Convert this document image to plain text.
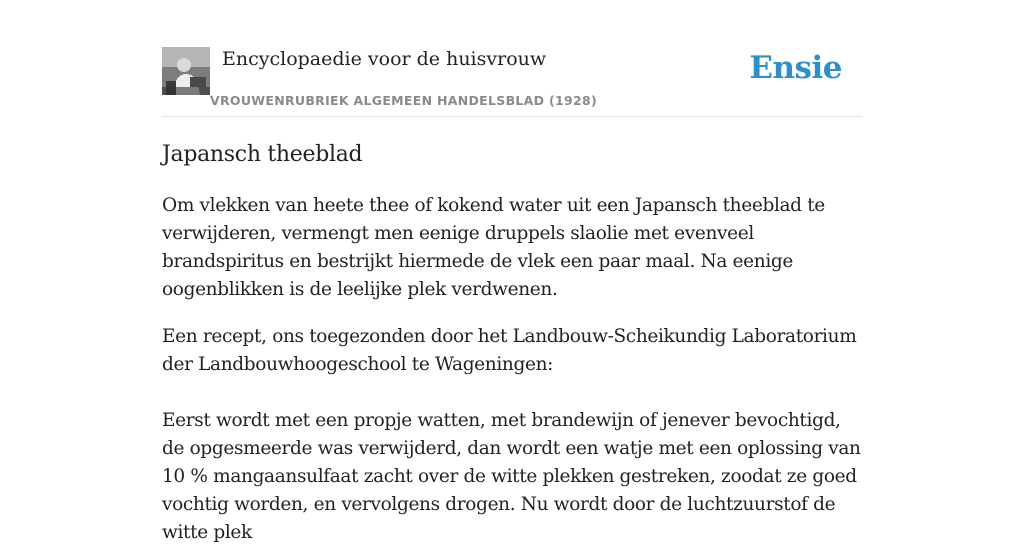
Encyclopaedie voor de huisvrouw
VROUWENRUBRIEK ALGEMEEN HANDELSBLAD (1928)
Ensie
Japansch theeblad

Om vlekken van heete thee of kokend water uit een Japansch theeblad te verwijderen, vermengt men eenige druppels slaolie met evenveel brandspiritus en bestrijkt hiermede de vlek een paar maal. Na eenige oogenblikken is de leelijke plek verdwenen.

Een recept, ons toegezonden door het Landbouw-Scheikundig Laboratorium der Landbouwhoogeschool te Wageningen:

Eerst wordt met een propje watten, met brandewijn of jenever bevochtigd, de opgesmeerde was verwijderd, dan wordt een watje met een oplossing van 10 % mangaansulfaat zacht over de witte plekken gestreken, zoodat ze goed vochtig worden, en vervolgens drogen. Nu wordt door de luchtzuurstof de witte plek
